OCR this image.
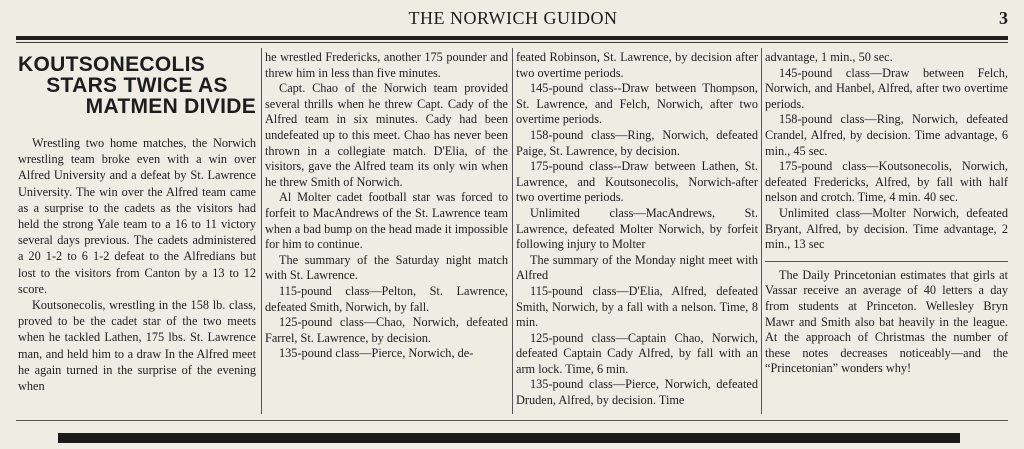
THE NORWICH GUIDON	3
KOUTSONECOLIS
STARS TWICE AS
MATMEN DIVIDE

Wrestling two home matches, the Norwich wrestling team broke even with a win over Alfred University and a defeat by St. Lawrence University. The win over the Alfred team came as a surprise to the cadets as the visitors had held the strong Yale team to a 16 to 11 victory several days previous. The cadets administered a 20 1-2 to 6 1-2 defeat to the Alfredians but lost to the visitors from Canton by a 13 to 12 score.

Koutsonecolis, wrestling in the 158 lb. class, proved to be the cadet star of the two meets when he tackled Lathen, 175 lbs. St. Lawrence man, and held him to a draw In the Alfred meet he again turned in the surprise of the evening when

he wrestled Fredericks, another 175 pounder and threw him in less than five minutes.

Capt. Chao of the Norwich team provided several thrills when he threw Capt. Cady of the Alfred team in six minutes. Cady had been undefeated up to this meet. Chao has never been thrown in a collegiate match. D'Elia, of the visitors, gave the Alfred team its only win when he threw Smith of Norwich.

Al Molter cadet football star was forced to forfeit to MacAndrews of the St. Lawrence team when a bad bump on the head made it impossible for him to continue.

The summary of the Saturday night match with St. Lawrence.

115-pound class—Pelton, St. Lawrence, defeated Smith, Norwich, by fall.

125-pound class—Chao, Norwich, defeated Farrel, St. Lawrence, by decision.

135-pound class—Pierce, Norwich, de-

feated Robinson, St. Lawrence, by decision after two overtime periods.

145-pound class--Draw between Thompson, St. Lawrence, and Felch, Norwich, after two overtime periods.

158-pound class—Ring, Norwich, defeated Paige, St. Lawrence, by decision.

175-pound class--Draw between Lathen, St. Lawrence, and Koutsonecolis, Norwich-after two overtime periods.

Unlimited class—MacAndrews, St. Lawrence, defeated Molter Norwich, by forfeit following injury to Molter

The summary of the Monday night meet with Alfred

115-pound class—D'Elia, Alfred, defeated Smith, Norwich, by a fall with a nelson. Time, 8 min.

125-pound class—Captain Chao, Norwich, defeated Captain Cady Alfred, by fall with an arm lock. Time, 6 min.

135-pound class—Pierce, Norwich, defeated Druden, Alfred, by decision. Time

advantage, 1 min., 50 sec.

145-pound class—Draw between Felch, Norwich, and Hanbel, Alfred, after two overtime periods.

158-pound class—Ring, Norwich, defeated Crandel, Alfred, by decision. Time advantage, 6 min., 45 sec.

175-pound class—Koutsonecolis, Norwich, defeated Fredericks, Alfred, by fall with half nelson and crotch. Time, 4 min. 40 sec.

Unlimited class—Molter Norwich, defeated Bryant, Alfred, by decision. Time advantage, 2 min., 13 sec

The Daily Princetonian estimates that girls at Vassar receive an average of 40 letters a day from students at Princeton. Wellesley Bryn Mawr and Smith also bat heavily in the league. At the approach of Christmas the number of these notes decreases noticeably—and the “Princetonian” wonders why!
